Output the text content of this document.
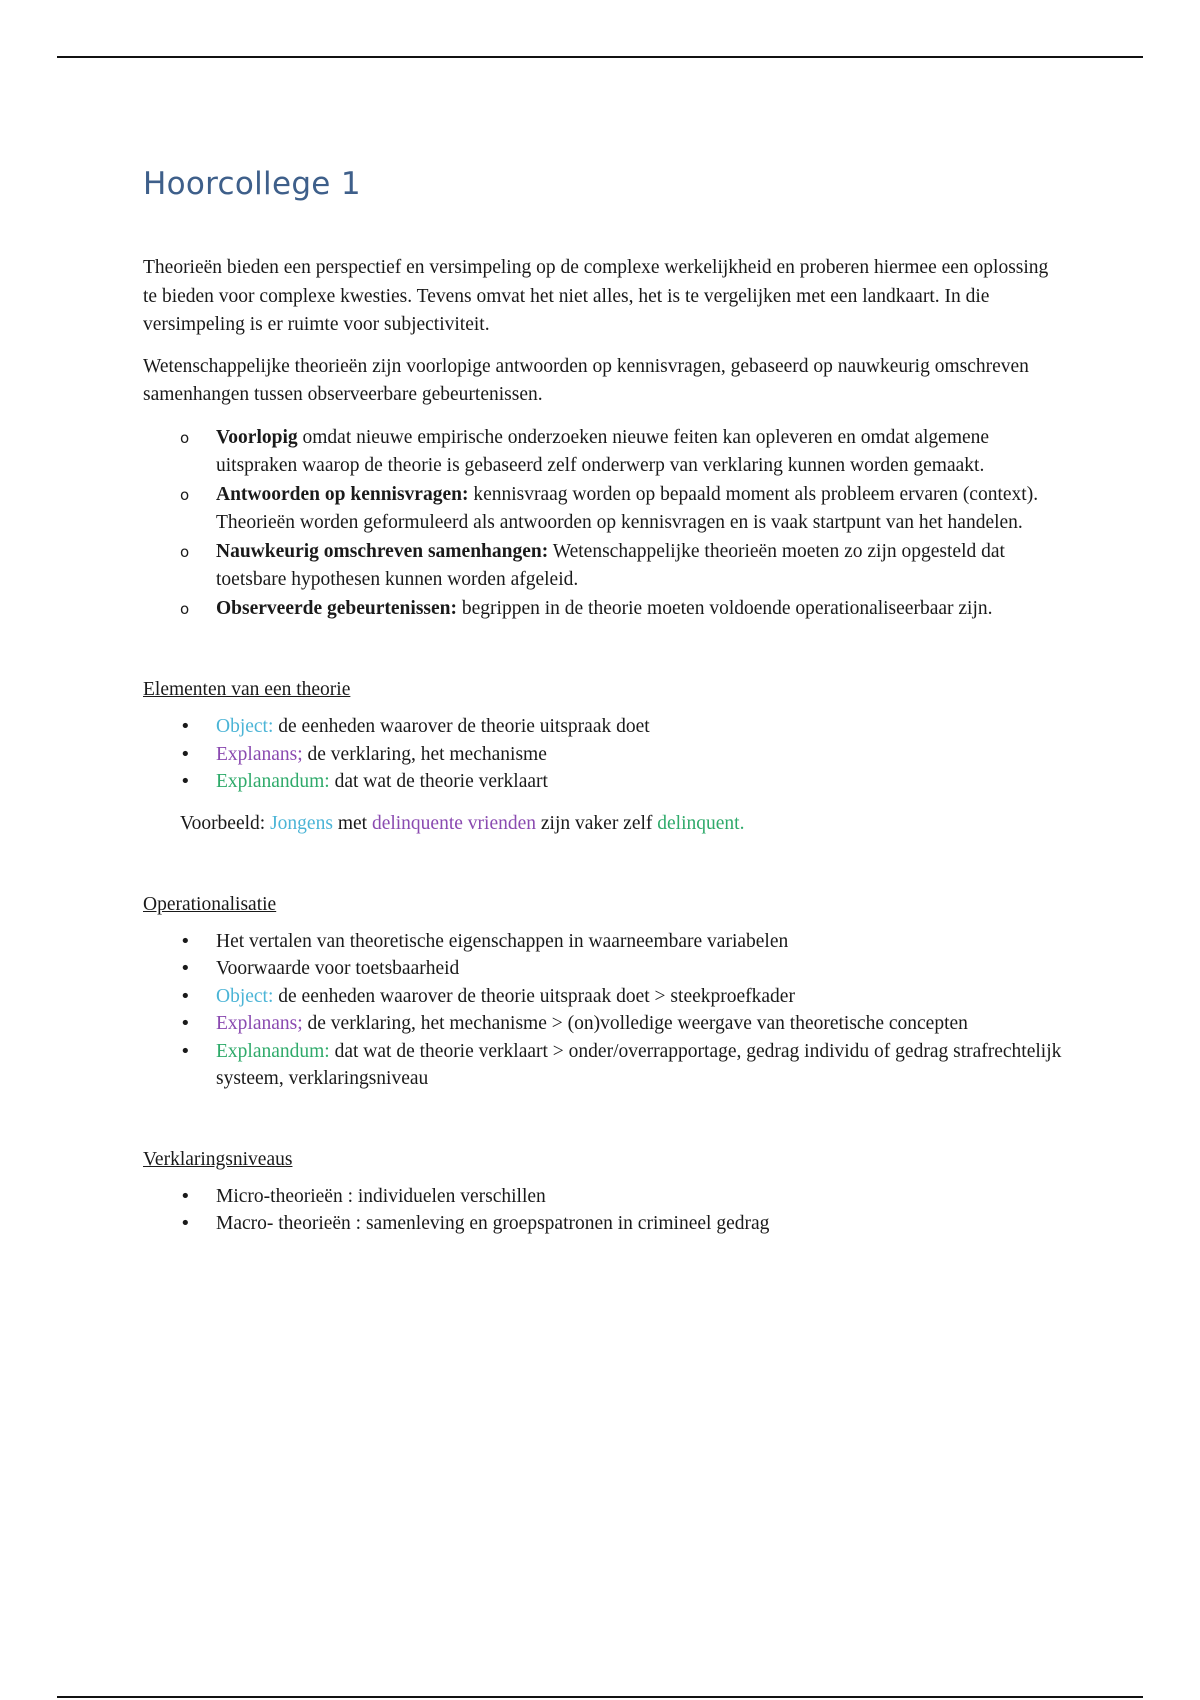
Hoorcollege 1

Theorieën bieden een perspectief en versimpeling op de complexe werkelijkheid en proberen hiermee een oplossing te bieden voor complexe kwesties. Tevens omvat het niet alles, het is te vergelijken met een landkaart. In die versimpeling is er ruimte voor subjectiviteit.

Wetenschappelijke theorieën zijn voorlopige antwoorden op kennisvragen, gebaseerd op nauwkeurig omschreven samenhangen tussen observeerbare gebeurtenissen.

o Voorlopig omdat nieuwe empirische onderzoeken nieuwe feiten kan opleveren en omdat algemene uitspraken waarop de theorie is gebaseerd zelf onderwerp van verklaring kunnen worden gemaakt.
o Antwoorden op kennisvragen: kennisvraag worden op bepaald moment als probleem ervaren (context). Theorieën worden geformuleerd als antwoorden op kennisvragen en is vaak startpunt van het handelen.
o Nauwkeurig omschreven samenhangen: Wetenschappelijke theorieën moeten zo zijn opgesteld dat toetsbare hypothesen kunnen worden afgeleid.
o Observeerde gebeurtenissen: begrippen in de theorie moeten voldoende operationaliseerbaar zijn.

Elementen van een theorie

• Object: de eenheden waarover de theorie uitspraak doet
• Explanans; de verklaring, het mechanisme
• Explanandum: dat wat de theorie verklaart

Voorbeeld: Jongens met delinquente vrienden zijn vaker zelf delinquent.

Operationalisatie

• Het vertalen van theoretische eigenschappen in waarneembare variabelen
• Voorwaarde voor toetsbaarheid
• Object: de eenheden waarover de theorie uitspraak doet > steekproefkader
• Explanans; de verklaring, het mechanisme > (on)volledige weergave van theoretische concepten
• Explanandum: dat wat de theorie verklaart > onder/overrapportage, gedrag individu of gedrag strafrechtelijk systeem, verklaringsniveau

Verklaringsniveaus

• Micro-theorieën : individuelen verschillen
• Macro- theorieën : samenleving en groepspatronen in crimineel gedrag
